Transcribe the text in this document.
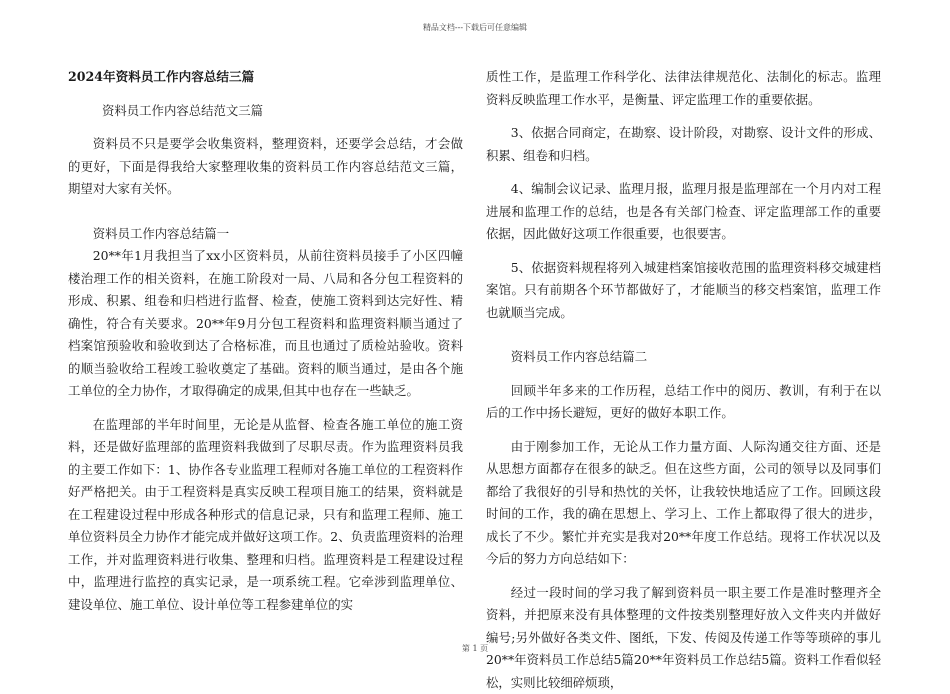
精品文档---下载后可任意编辑

2024年资料员工作内容总结三篇

资料员工作内容总结范文三篇

资料员不只是要学会收集资料，整理资料，还要学会总结，才会做的更好，下面是得我给大家整理收集的资料员工作内容总结范文三篇，期望对大家有关怀。

资料员工作内容总结篇一

20**年1月我担当了xx小区资料员，从前往资料员接手了小区四幢楼治理工作的相关资料，在施工阶段对一局、八局和各分包工程资料的形成、积累、组卷和归档进行监督、检查，使施工资料到达完好性、精确性，符合有关要求。20**年9月分包工程资料和监理资料顺当通过了档案馆预验收和验收到达了合格标准，而且也通过了质检站验收。资料的顺当验收给工程竣工验收奠定了基础。资料的顺当通过，是由各个施工单位的全力协作，才取得确定的成果,但其中也存在一些缺乏。

在监理部的半年时间里，无论是从监督、检查各施工单位的施工资料，还是做好监理部的监理资料我做到了尽职尽责。作为监理资料员我的主要工作如下：1、协作各专业监理工程师对各施工单位的工程资料作好严格把关。由于工程资料是真实反映工程项目施工的结果，资料就是在工程建设过程中形成各种形式的信息记录，只有和监理工程师、施工单位资料员全力协作才能完成并做好这项工作。2、负责监理资料的治理工作，并对监理资料进行收集、整理和归档。监理资料是工程建设过程中，监理进行监控的真实记录，是一项系统工程。它牵涉到监理单位、建设单位、施工单位、设计单位等工程参建单位的实

质性工作，是监理工作科学化、法律法律规范化、法制化的标志。监理资料反映监理工作水平，是衡量、评定监理工作的重要依据。

3、依据合同商定，在勘察、设计阶段，对勘察、设计文件的形成、积累、组卷和归档。

4、编制会议记录、监理月报，监理月报是监理部在一个月内对工程进展和监理工作的总结，也是各有关部门检查、评定监理部工作的重要依据，因此做好这项工作很重要，也很要害。

5、依据资料规程将列入城建档案馆接收范围的监理资料移交城建档案馆。只有前期各个环节都做好了，才能顺当的移交档案馆，监理工作也就顺当完成。

资料员工作内容总结篇二

回顾半年多来的工作历程，总结工作中的阅历、教训，有利于在以后的工作中扬长避短，更好的做好本职工作。

由于刚参加工作，无论从工作力量方面、人际沟通交往方面、还是从思想方面都存在很多的缺乏。但在这些方面，公司的领导以及同事们都给了我很好的引导和热忱的关怀，让我较快地适应了工作。回顾这段时间的工作，我的确在思想上、学习上、工作上都取得了很大的进步，成长了不少。繁忙并充实是我对20**年度工作总结。现将工作状况以及今后的努力方向总结如下：

经过一段时间的学习我了解到资料员一职主要工作是准时整理齐全资料，并把原来没有具体整理的文件按类别整理好放入文件夹内并做好编号;另外做好各类文件、图纸，下发、传阅及传递工作等等琐碎的事儿20**年资料员工作总结5篇20**年资料员工作总结5篇。资料工作看似轻松，实则比较细碎烦琐，

第 1 页
